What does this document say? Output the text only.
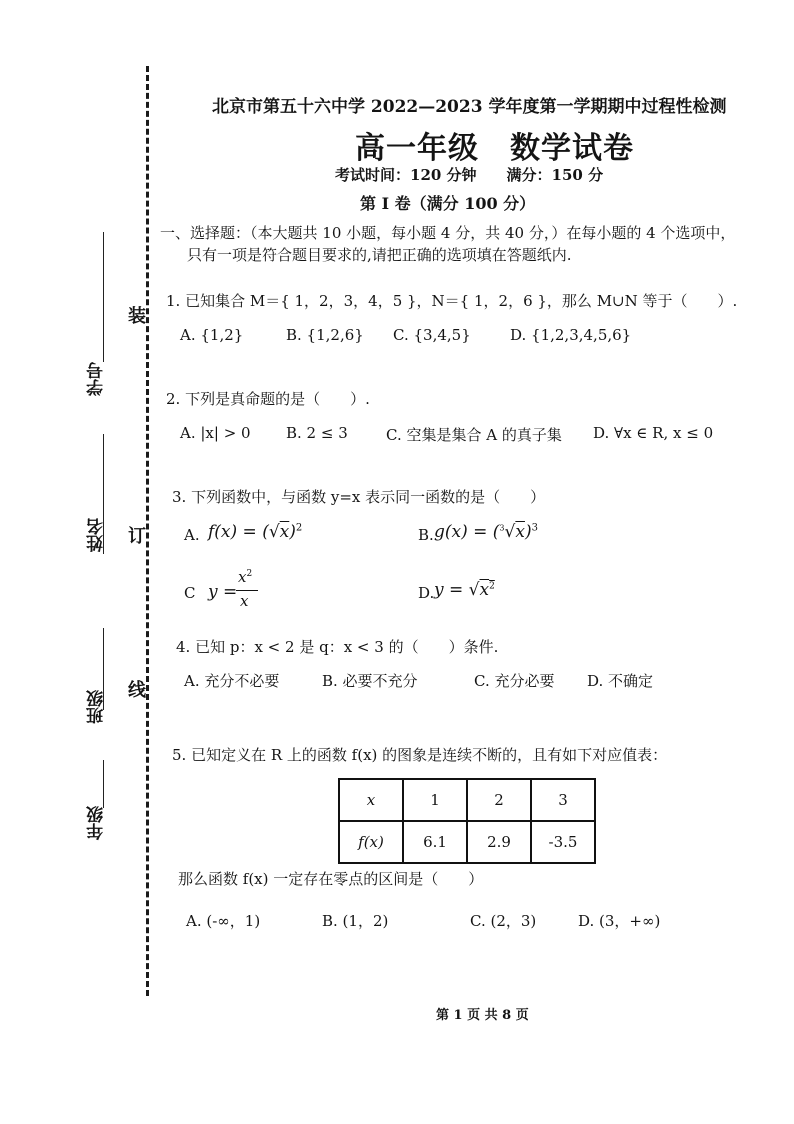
装
订
线
学号
姓名
班级
年级
北京市第五十六中学 2022—2023 学年度第一学期期中过程性检测
高一年级　数学试卷
考试时间：120 分钟　　满分：150 分
第 I 卷（满分 100 分）
一、选择题：（本大题共 10 小题，每小题 4 分，共 40 分，）在每小题的 4 个选项中，
只有一项是符合题目要求的,请把正确的选项填在答题纸内.
1. 已知集合 M＝{ 1，2，3，4，5 }，N＝{ 1，2，6 }，那么 M∪N 等于（　　）.
A. {1,2}	B. {1,2,6} C. {3,4,5}	D. {1,2,3,4,5,6}
2. 下列是真命题的是（　　）.
A. |x| > 0 B. 2 ≤ 3	C. 空集是集合 A 的真子集 D. ∀x ∈ R, x ≤ 0
3. 下列函数中，与函数 y=x 表示同一函数的是（　　）
A. $f(x) = (√x)^2$	B. $g(x) = (^3√x)^3$
C y =
$x^2$
x	D. $y = √x^2$
4. 已知 p：x < 2 是 q：x < 3 的（　　）条件.
A. 充分不必要	B. 必要不充分	C. 充分必要 D. 不确定
5. 已知定义在 R 上的函数 f(x) 的图象是连续不断的，且有如下对应值表：
x	1	2	3
f(x)	6.1	2.9	-3.5
那么函数 f(x) 一定存在零点的区间是（　　）
A. (-∞，1)	B. (1，2)	C. (2，3)	D. (3，+∞)
第 1 页 共 8 页
